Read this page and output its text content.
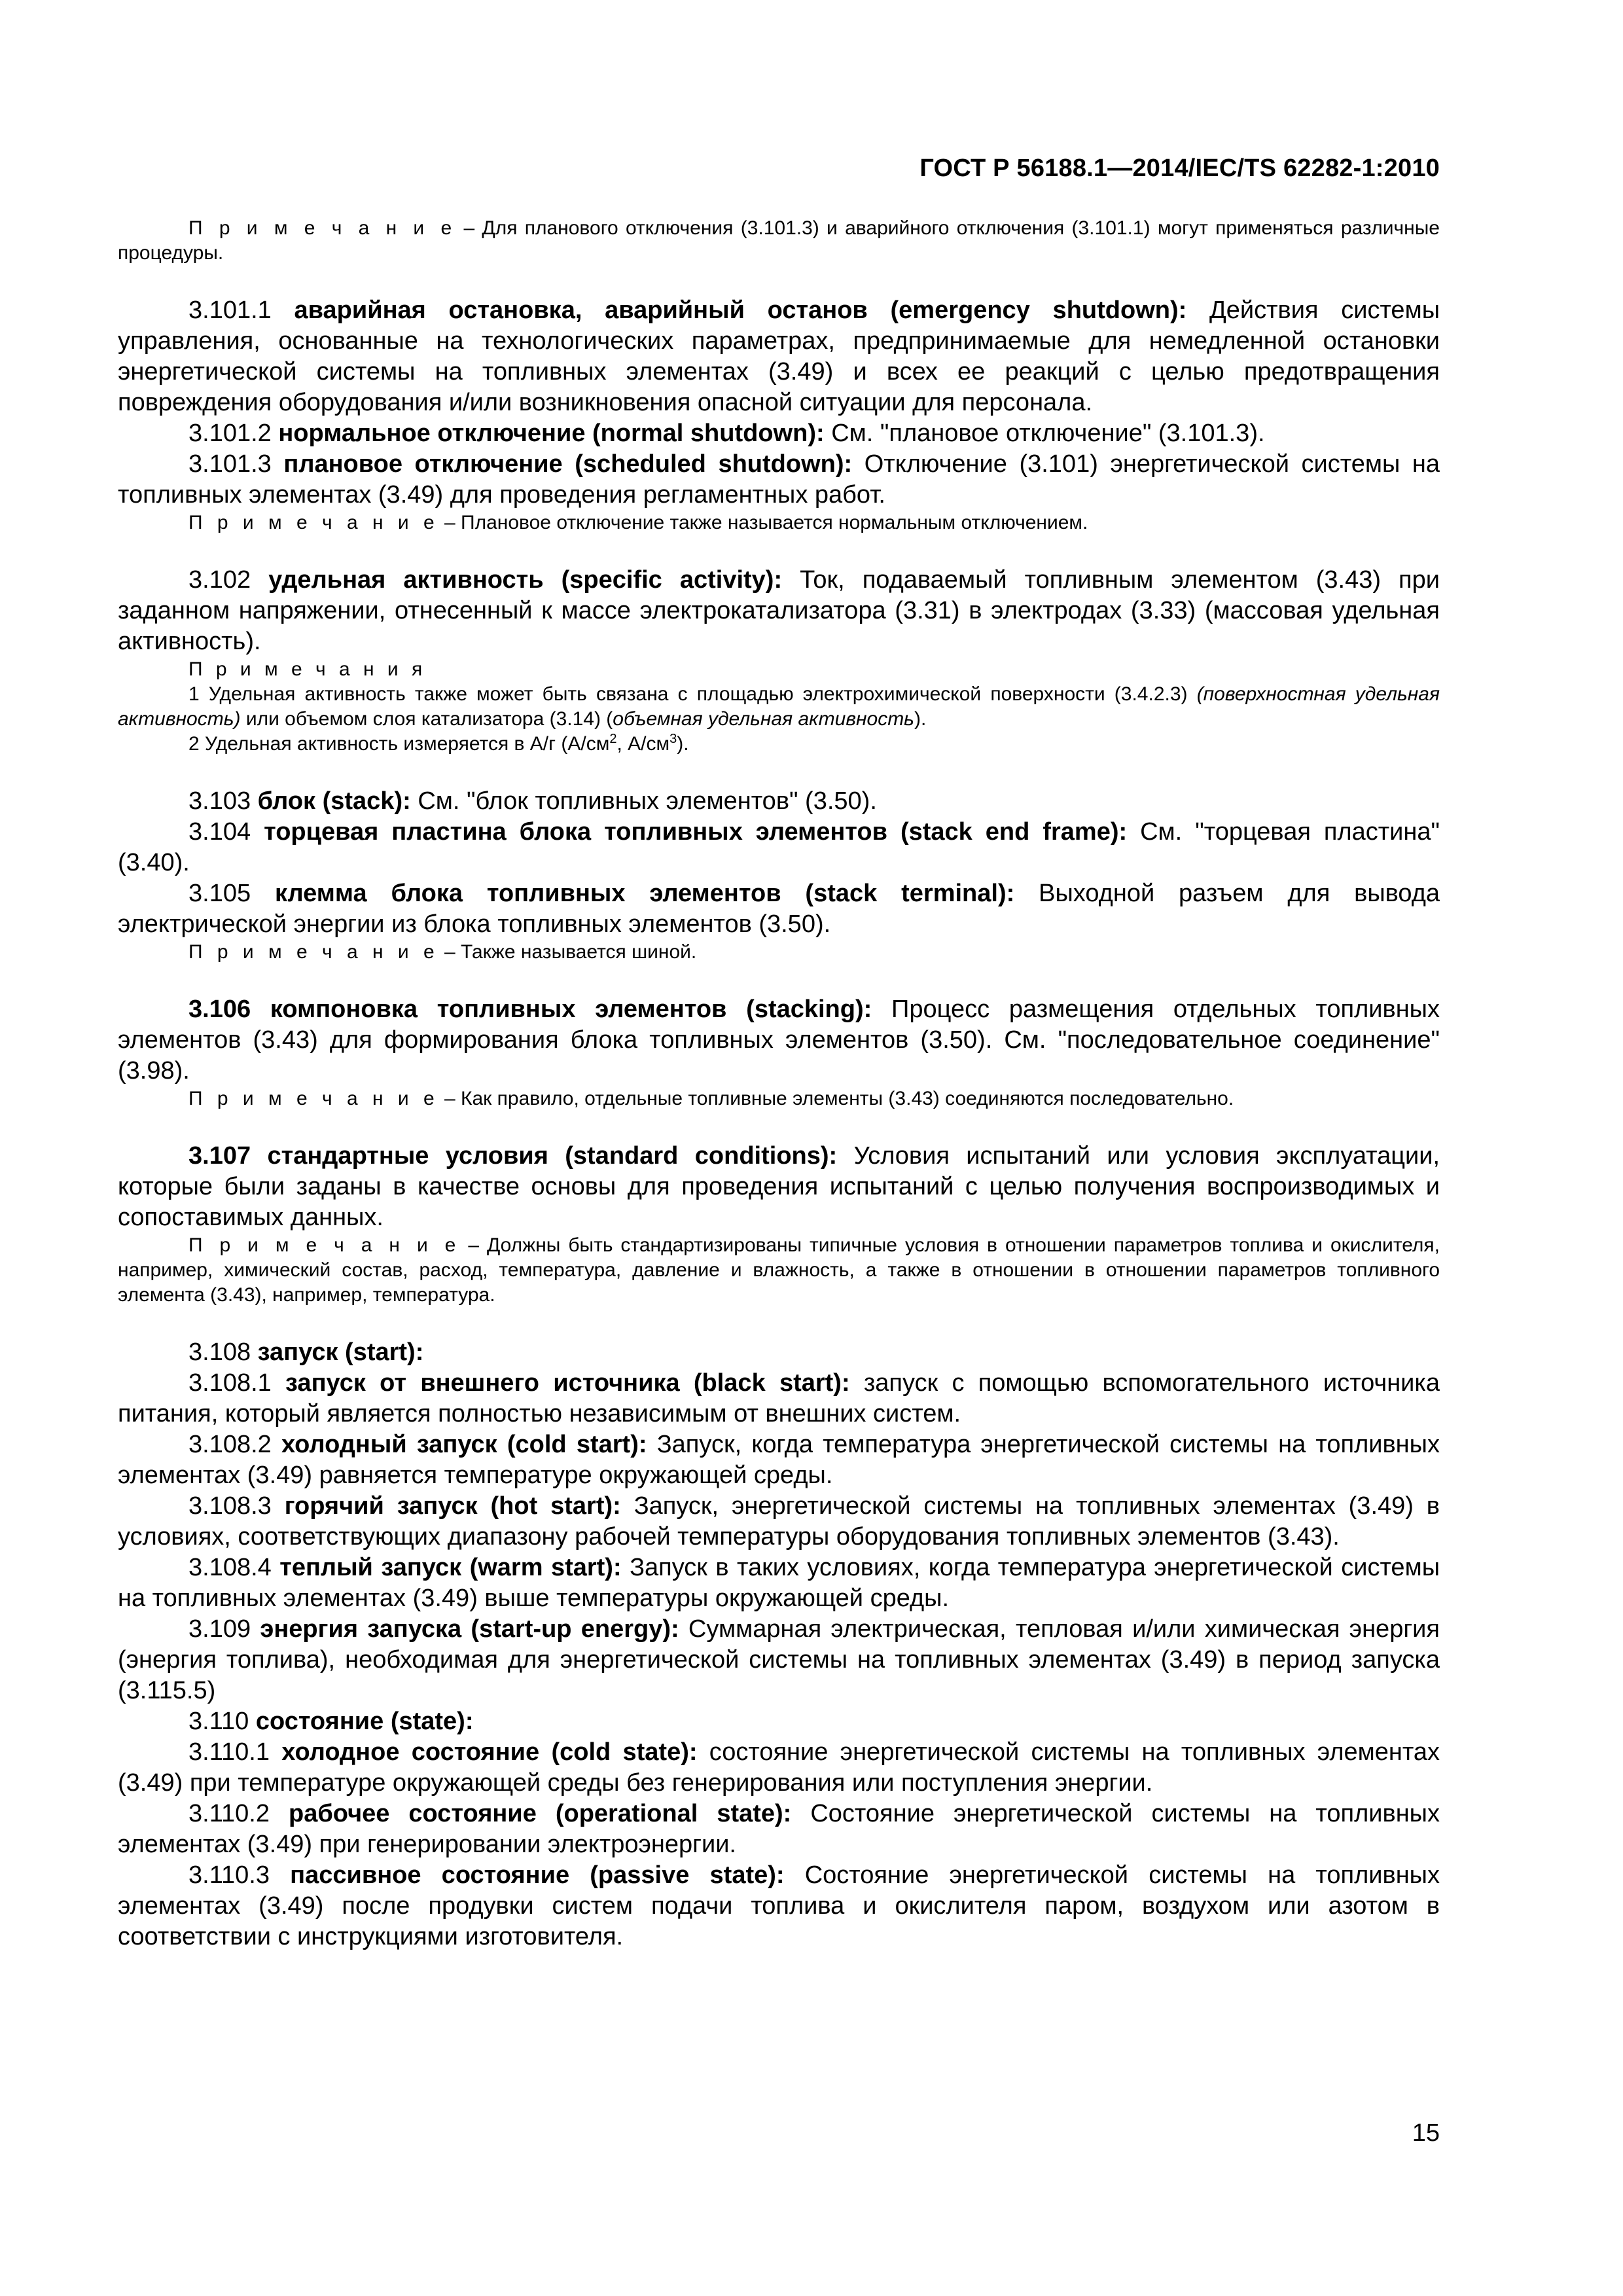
ГОСТ Р 56188.1—2014/IEC/TS 62282-1:2010

П р и м е ч а н и е – Для планового отключения (3.101.3) и аварийного отключения (3.101.1) могут применяться различные процедуры.

3.101.1 аварийная остановка, аварийный останов (emergency shutdown): Действия системы управления, основанные на технологических параметрах, предпринимаемые для немедленной остановки энергетической системы на топливных элементах (3.49) и всех ее реакций с целью предотвращения повреждения оборудования и/или возникновения опасной ситуации для персонала.

3.101.2 нормальное отключение (normal shutdown): См. "плановое отключение" (3.101.3).

3.101.3 плановое отключение (scheduled shutdown): Отключение (3.101) энергетической системы на топливных элементах (3.49) для проведения регламентных работ.

П р и м е ч а н и е – Плановое отключение также называется нормальным отключением.

3.102 удельная активность (specific activity): Ток, подаваемый топливным элементом (3.43) при заданном напряжении, отнесенный к массе электрокатализатора (3.31) в электродах (3.33) (массовая удельная активность).

П р и м е ч а н и я

1 Удельная активность также может быть связана с площадью электрохимической поверхности (3.4.2.3) (поверхностная удельная активность) или объемом слоя катализатора (3.14) (объемная удельная активность).

2 Удельная активность измеряется в А/г ($А/см^2$, $А/см^3$).

3.103 блок (stack): См. "блок топливных элементов" (3.50).

3.104 торцевая пластина блока топливных элементов (stack end frame): См. "торцевая пластина" (3.40).

3.105 клемма блока топливных элементов (stack terminal): Выходной разъем для вывода электрической энергии из блока топливных элементов (3.50).

П р и м е ч а н и е – Также называется шиной.

3.106 компоновка топливных элементов (stacking): Процесс размещения отдельных топливных элементов (3.43) для формирования блока топливных элементов (3.50). См. "последовательное соединение" (3.98).

П р и м е ч а н и е – Как правило, отдельные топливные элементы (3.43) соединяются последовательно.

3.107 стандартные условия (standard conditions): Условия испытаний или условия эксплуатации, которые были заданы в качестве основы для проведения испытаний с целью получения воспроизводимых и сопоставимых данных.

П р и м е ч а н и е – Должны быть стандартизированы типичные условия в отношении параметров топлива и окислителя, например, химический состав, расход, температура, давление и влажность, а также в отношении в отношении параметров топливного элемента (3.43), например, температура.

3.108 запуск (start):

3.108.1 запуск от внешнего источника (black start): запуск с помощью вспомогательного источника питания, который является полностью независимым от внешних систем.

3.108.2 холодный запуск (cold start): Запуск, когда температура энергетической системы на топливных элементах (3.49) равняется температуре окружающей среды.

3.108.3 горячий запуск (hot start): Запуск, энергетической системы на топливных элементах (3.49) в условиях, соответствующих диапазону рабочей температуры оборудования топливных элементов (3.43).

3.108.4 теплый запуск (warm start): Запуск в таких условиях, когда температура энергетической системы на топливных элементах (3.49) выше температуры окружающей среды.

3.109 энергия запуска (start-up energy): Суммарная электрическая, тепловая и/или химическая энергия (энергия топлива), необходимая для энергетической системы на топливных элементах (3.49) в период запуска (3.115.5)

3.110 состояние (state):

3.110.1 холодное состояние (cold state): состояние энергетической системы на топливных элементах (3.49) при температуре окружающей среды без генерирования или поступления энергии.

3.110.2 рабочее состояние (operational state): Состояние энергетической системы на топливных элементах (3.49) при генерировании электроэнергии.

3.110.3 пассивное состояние (passive state): Состояние энергетической системы на топливных элементах (3.49) после продувки систем подачи топлива и окислителя паром, воздухом или азотом в соответствии с инструкциями изготовителя.

15
